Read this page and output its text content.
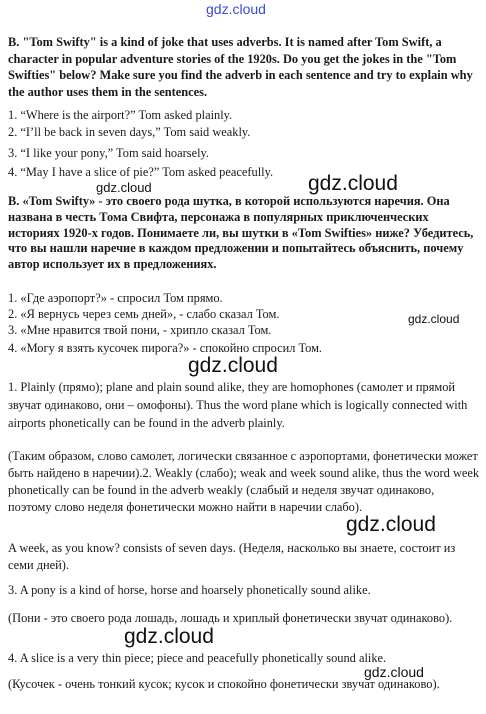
gdz.cloud
gdz.cloud	gdz.cloud
gdz.cloud
gdz.cloud
gdz.cloud
gdz.cloud
gdz.cloud

B. "Tom Swifty" is a kind of joke that uses adverbs. It is named after Tom Swift, a character in popular adventure stories of the 1920s. Do you get the jokes in the "Tom Swifties" below? Make sure you find the adverb in each sentence and try to explain why the author uses them in the sentences.

1. “Where is the airport?” Tom asked plainly.

2. “I’ll be back in seven days,” Tom said weakly.

3. “I like your pony,” Tom said hoarsely.

4. “May I have a slice of pie?” Tom asked peacefully.

B. «Tom Swifty» - это своего рода шутка, в которой используются наречия. Она названа в честь Тома Свифта, персонажа в популярных приключенческих историях 1920-х годов. Понимаете ли, вы шутки в «Tom Swifties» ниже? Убедитесь, что вы нашли наречие в каждом предложении и попытайтесь объяснить, почему автор использует их в предложениях.

1. «Где аэропорт?» - спросил Том прямо.

2. «Я вернусь через семь дней», - слабо сказал Том.

3. «Мне нравится твой пони, - хрипло сказал Том.

4. «Могу я взять кусочек пирога?» - спокойно спросил Том.

1. Plainly (прямо); plane and plain sound alike, they are homophones (самолет и прямой звучат одинаково, они – омофоны). Thus the word plane which is logically connected with airports phonetically can be found in the adverb plainly.

(Таким образом, слово самолет, логически связанное с аэропортами, фонетически может быть найдено в наречии).2. Weakly (слабо); weak and week sound alike, thus the word week phonetically can be found in the adverb weakly (слабый и неделя звучат одинаково, поэтому слово неделя фонетически можно найти в наречии слабо).

A week, as you know? consists of seven days. (Неделя, насколько вы знаете, состоит из семи дней).

3. A pony is a kind of horse, horse and hoarsely phonetically sound alike.

(Пони - это своего рода лошадь, лошадь и хриплый фонетически звучат одинаково).

4. A slice is a very thin piece; piece and peacefully phonetically sound alike.

(Кусочек - очень тонкий кусок; кусок и спокойно фонетически звучат одинаково).
